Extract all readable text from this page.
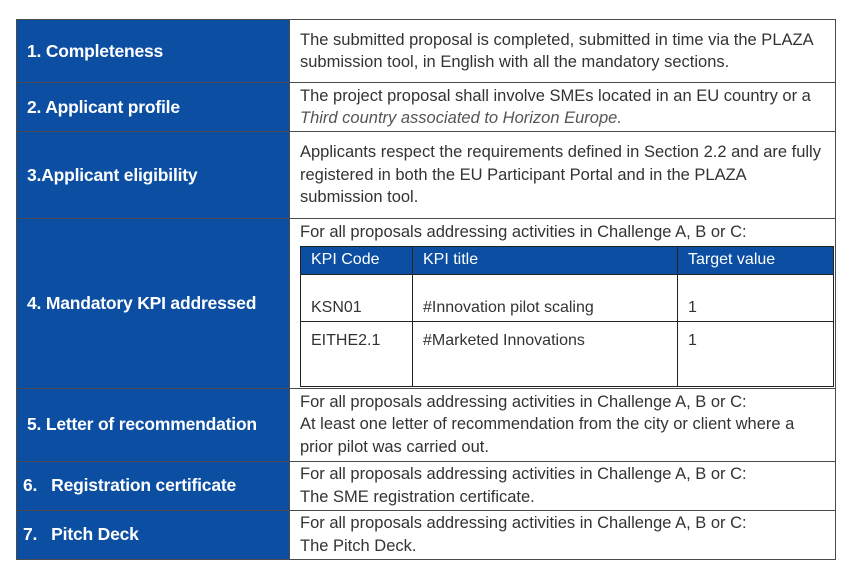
1. Completeness	The submitted proposal is completed, submitted in time via the PLAZA submission tool, in English with all the mandatory sections.
2. Applicant profile	The project proposal shall involve SMEs located in an EU country or a Third country associated to Horizon Europe.
3.Applicant eligibility	Applicants respect the requirements defined in Section 2.2 and are fully registered in both the EU Participant Portal and in the PLAZA submission tool.
4. Mandatory KPI addressed	
For all proposals addressing activities in Challenge A, B or C:
KPI Code	KPI title	Target value
KSN01	#Innovation pilot scaling	1
EITHE2.1	#Marketed Innovations	1

5. Letter of recommendation	
For all proposals addressing activities in Challenge A, B or C:
At least one letter of recommendation from the city or client where a prior pilot was carried out.

6.   Registration certificate	
For all proposals addressing activities in Challenge A, B or C:
The SME registration certificate.

7.   Pitch Deck	
For all proposals addressing activities in Challenge A, B or C:
The Pitch Deck.
